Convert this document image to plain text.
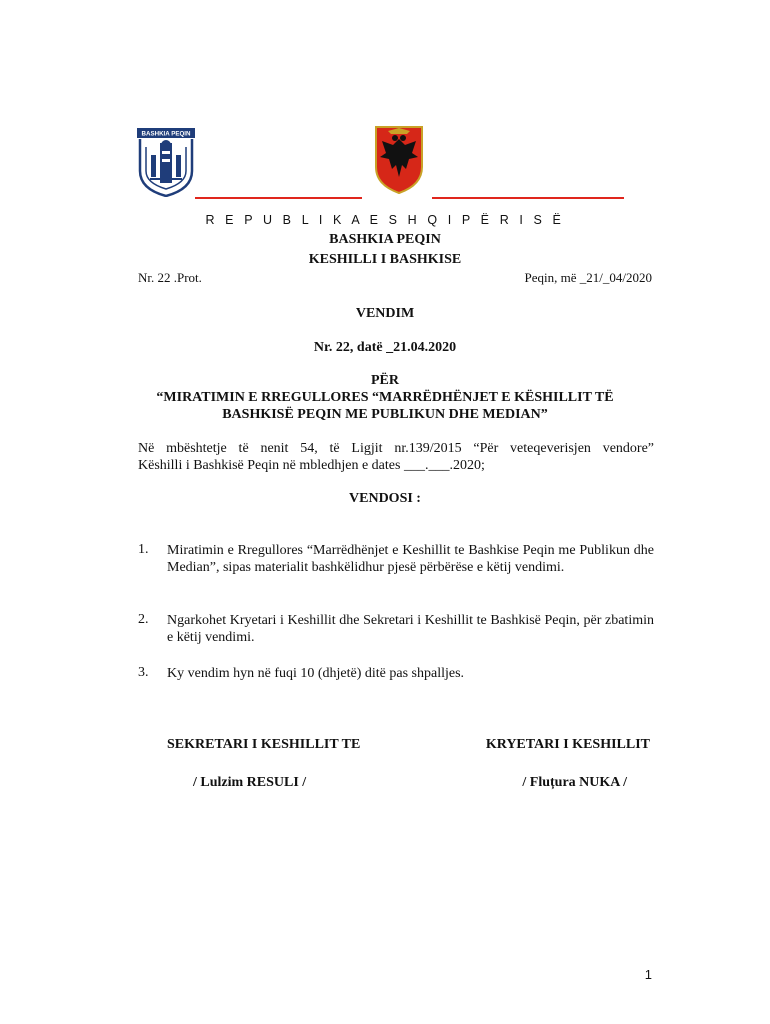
BASHKIA PEQIN
R E P U B L I K A E S H Q I P Ë R I S Ë
BASHKIA PEQIN
KESHILLI I BASHKISE
Nr. 22 .Prot.	Peqin, më _21/_04/2020
VENDIM
Nr. 22, datë _21.04.2020
PËR
“MIRATIMIN E RREGULLORES “MARRËDHËNJET E KËSHILLIT TË
BASHKISË PEQIN ME PUBLIKUN DHE MEDIAN”
Në mbështetje të nenit 54, të Ligjit nr.139/2015 “Për veteqeverisjen vendore”
Këshilli i Bashkisë Peqin në mbledhjen e dates ___.___.2020;
VENDOSI :
1. Miratimin e Rregullores “Marrëdhënjet e Keshillit te Bashkise Peqin me Publikun dhe Median”, sipas materialit bashkëlidhur pjesë përbërëse e këtij vendimi.
2. Ngarkohet Kryetari i Keshillit dhe Sekretari i Keshillit te Bashkisë Peqin, për zbatimin e këtij vendimi.
3. Ky vendim hyn në fuqi 10 (dhjetë) ditë pas shpalljes.
SEKRETARI I KESHILLIT TE	KRYETARI I KESHILLIT
/ Lulzim RESULI /	/ Fluțura NUKA /
1
